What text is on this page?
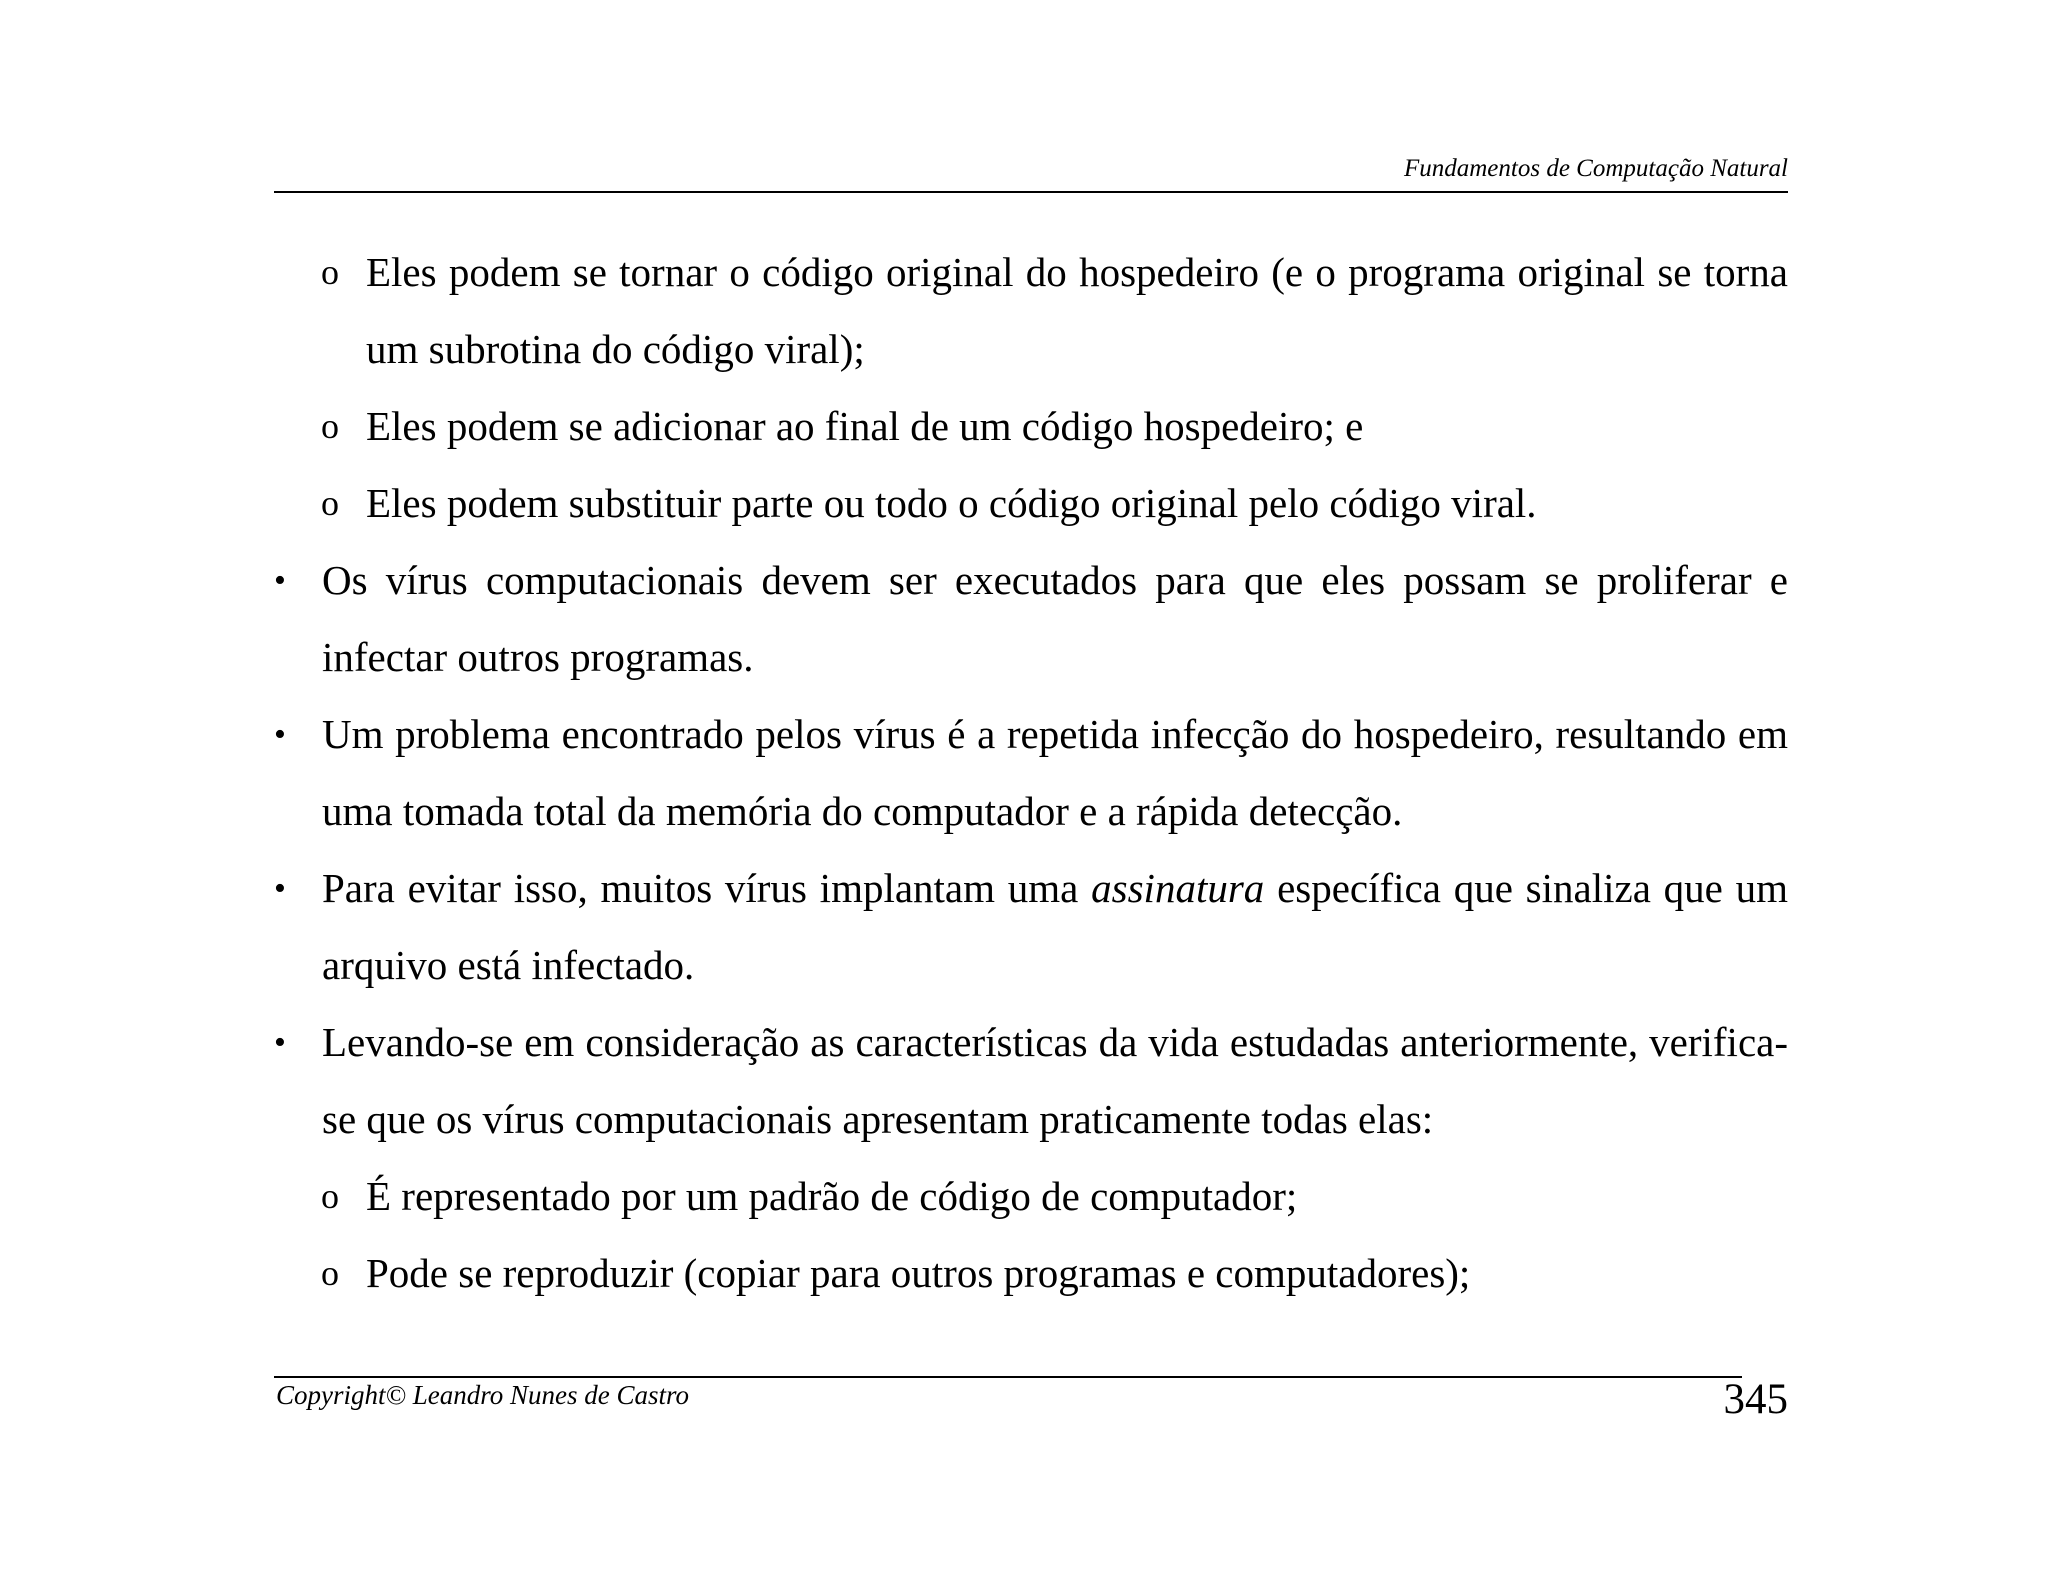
Fundamentos de Computação Natural
o Eles podem se tornar o código original do hospedeiro (e o programa original se torna um subrotina do código viral);
o Eles podem se adicionar ao final de um código hospedeiro; e
o Eles podem substituir parte ou todo o código original pelo código viral.
• Os vírus computacionais devem ser executados para que eles possam se proliferar e infectar outros programas.
• Um problema encontrado pelos vírus é a repetida infecção do hospedeiro, resultando em uma tomada total da memória do computador e a rápida detecção.
• Para evitar isso, muitos vírus implantam uma assinatura específica que sinaliza que um arquivo está infectado.
• Levando-se em consideração as características da vida estudadas anteriormente, verifica-se que os vírus computacionais apresentam praticamente todas elas:
o É representado por um padrão de código de computador;
o Pode se reproduzir (copiar para outros programas e computadores);
Copyright© Leandro Nunes de Castro	345
